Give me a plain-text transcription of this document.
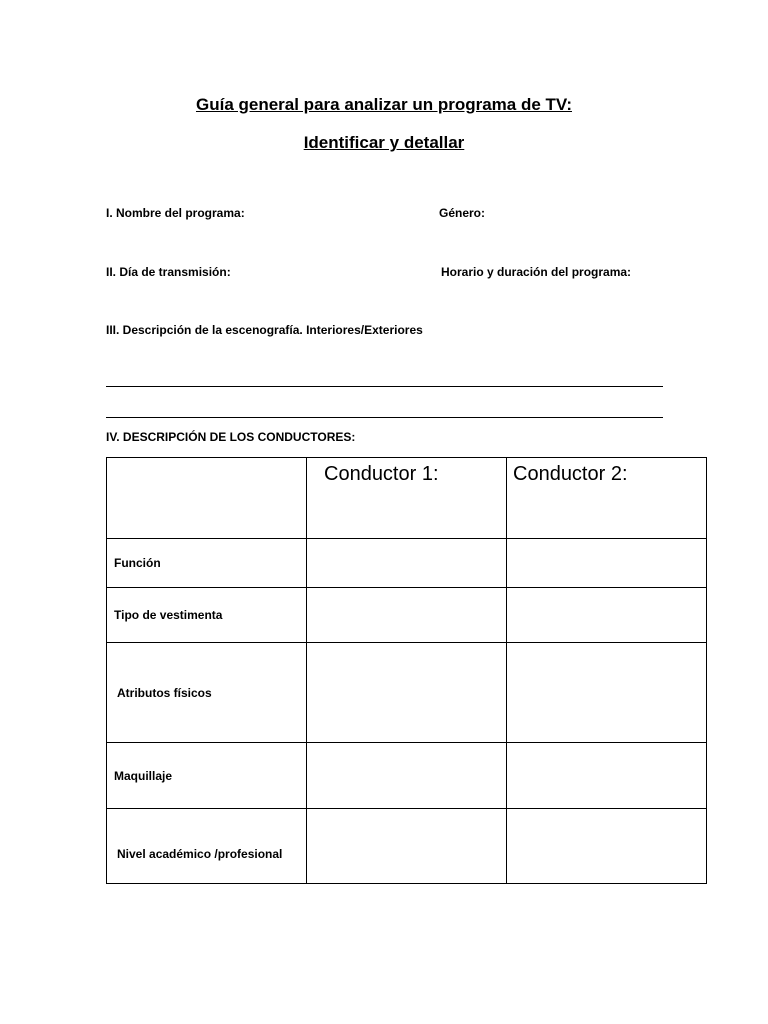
Guía general para analizar un programa de TV:
Identificar y detallar
I. Nombre del programa:	Género:
II. Día de transmisión:	Horario y duración del programa:
III. Descripción de la escenografía. Interiores/Exteriores
IV. DESCRIPCIÓN DE LOS CONDUCTORES:
	Conductor 1:	Conductor 2:
Función		
Tipo de vestimenta		
Atributos físicos		
Maquillaje		
Nivel académico /profesional		
